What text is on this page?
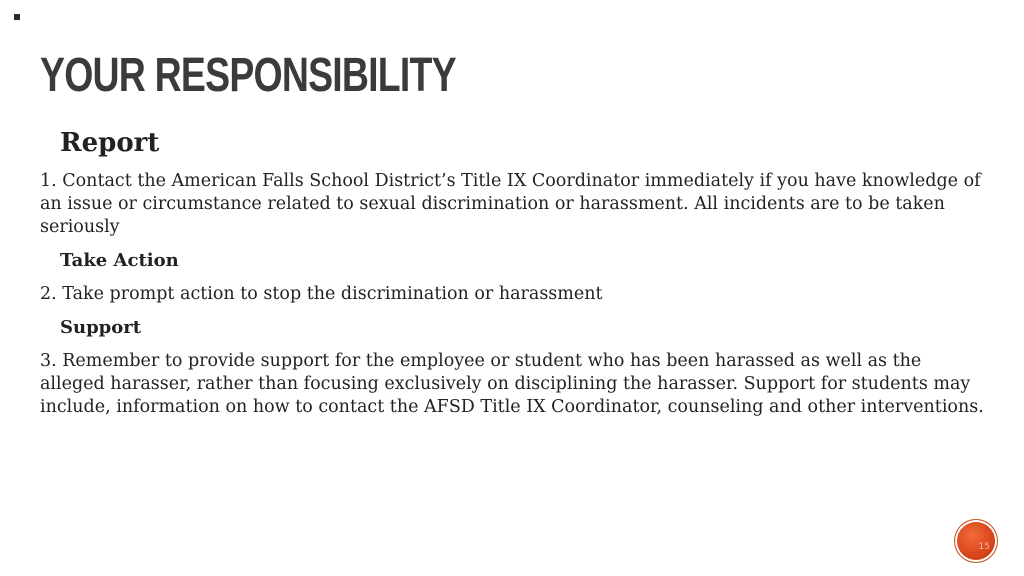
YOUR RESPONSIBILITY
Report

1. Contact the American Falls School District’s Title IX Coordinator immediately if you have knowledge of an issue or circumstance related to sexual discrimination or harassment. All incidents are to be taken seriously

Take Action

2. Take prompt action to stop the discrimination or harassment

Support

3. Remember to provide support for the employee or student who has been harassed as well as the alleged harasser, rather than focusing exclusively on disciplining the harasser. Support for students may include, information on how to contact the AFSD Title IX Coordinator, counseling and other interventions.

15
